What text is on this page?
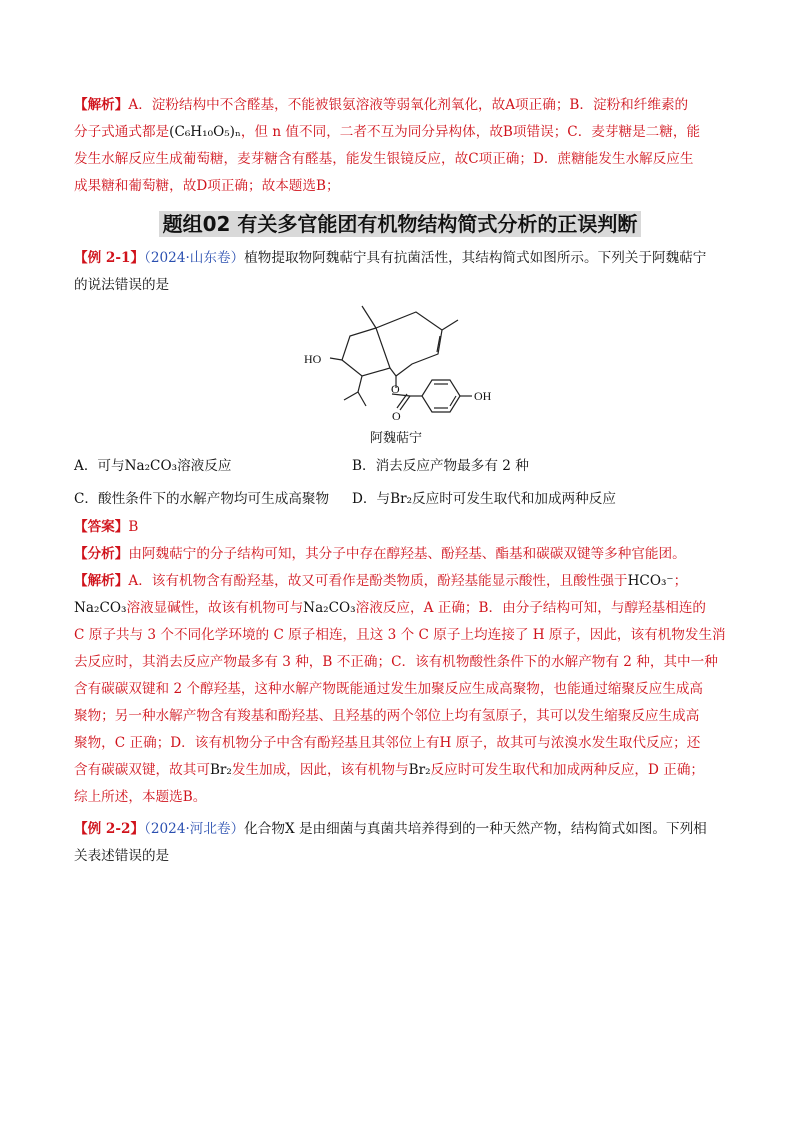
【解析】A．淀粉结构中不含醛基，不能被银氨溶液等弱氧化剂氧化，故A项正确；B．淀粉和纤维素的
分子式通式都是(C₆H₁₀O₅)ₙ，但 n 值不同，二者不互为同分异构体，故B项错误；C．麦芽糖是二糖，能
发生水解反应生成葡萄糖，麦芽糖含有醛基，能发生银镜反应，故C项正确；D．蔗糖能发生水解反应生
成果糖和葡萄糖，故D项正确；故本题选B；
题组02 有关多官能团有机物结构简式分析的正误判断
【例 2-1】（2024·山东卷）植物提取物阿魏萜宁具有抗菌活性，其结构简式如图所示。下列关于阿魏萜宁
的说法错误的是
HO
O
O
OH
阿魏萜宁
A．可与Na₂CO₃溶液反应	B．消去反应产物最多有 2 种
C．酸性条件下的水解产物均可生成高聚物 D．与Br₂反应时可发生取代和加成两种反应
【答案】B
【分析】由阿魏萜宁的分子结构可知，其分子中存在醇羟基、酚羟基、酯基和碳碳双键等多种官能团。
【解析】A．该有机物含有酚羟基，故又可看作是酚类物质，酚羟基能显示酸性，且酸性强于HCO₃⁻；
Na₂CO₃溶液显碱性，故该有机物可与Na₂CO₃溶液反应，A 正确；B．由分子结构可知，与醇羟基相连的
C 原子共与 3 个不同化学环境的 C 原子相连，且这 3 个 C 原子上均连接了 H 原子，因此，该有机物发生消
去反应时，其消去反应产物最多有 3 种，B 不正确；C．该有机物酸性条件下的水解产物有 2 种，其中一种
含有碳碳双键和 2 个醇羟基，这种水解产物既能通过发生加聚反应生成高聚物，也能通过缩聚反应生成高
聚物；另一种水解产物含有羧基和酚羟基、且羟基的两个邻位上均有氢原子，其可以发生缩聚反应生成高
聚物，C 正确；D．该有机物分子中含有酚羟基且其邻位上有H 原子，故其可与浓溴水发生取代反应；还
含有碳碳双键，故其可Br₂发生加成，因此，该有机物与Br₂反应时可发生取代和加成两种反应，D 正确；
综上所述，本题选B。
【例 2-2】（2024·河北卷）化合物X 是由细菌与真菌共培养得到的一种天然产物，结构简式如图。下列相
关表述错误的是
